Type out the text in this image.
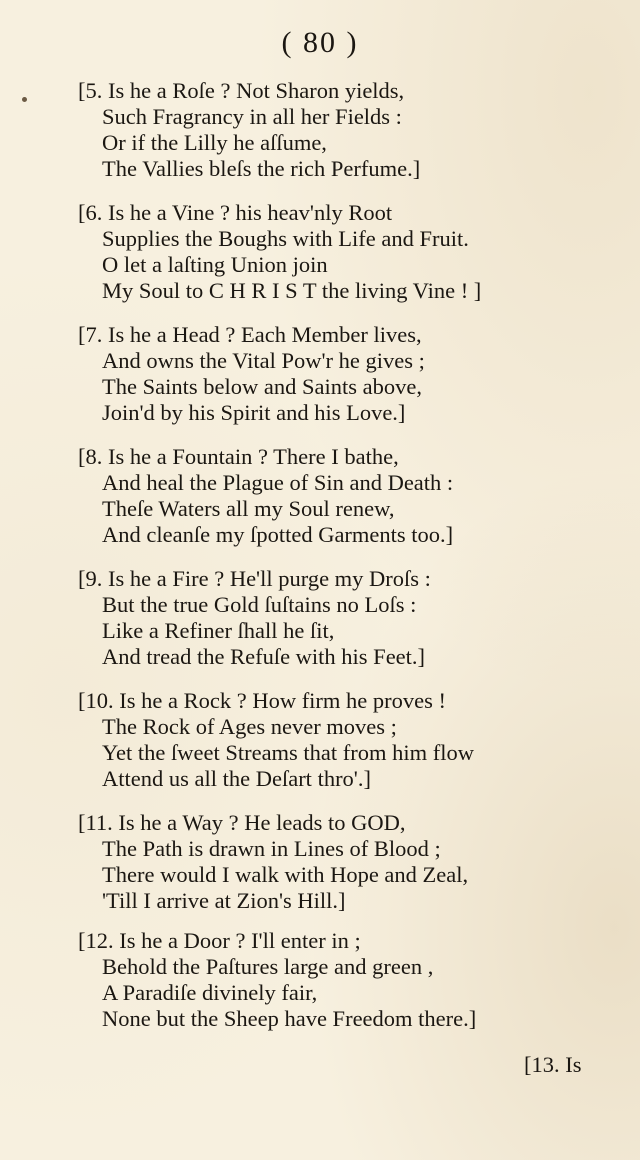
( 80 )
[5. Is he a Roſe ? Not Sharon yields,
Such Fragrancy in all her Fields :
Or if the Lilly he aſſume,
The Vallies bleſs the rich Perfume.]
[6. Is he a Vine ? his heav'nly Root
Supplies the Boughs with Life and Fruit.
O let a laſting Union join
My Soul to C H R I S T the living Vine ! ]
[7. Is he a Head ? Each Member lives,
And owns the Vital Pow'r he gives ;
The Saints below and Saints above,
Join'd by his Spirit and his Love.]
[8. Is he a Fountain ? There I bathe,
And heal the Plague of Sin and Death :
Theſe Waters all my Soul renew,
And cleanſe my ſpotted Garments too.]
[9. Is he a Fire ? He'll purge my Droſs :
But the true Gold ſuſtains no Loſs :
Like a Refiner ſhall he ſit,
And tread the Refuſe with his Feet.]
[10. Is he a Rock ? How firm he proves !
The Rock of Ages never moves ;
Yet the ſweet Streams that from him flow
Attend us all the Deſart thro'.]
[11. Is he a Way ? He leads to GOD,
The Path is drawn in Lines of Blood ;
There would I walk with Hope and Zeal,
'Till I arrive at Zion's Hill.]
[12. Is he a Door ? I'll enter in ;
Behold the Paſtures large and green ,
A Paradiſe divinely fair,
None but the Sheep have Freedom there.]
[13. Is
